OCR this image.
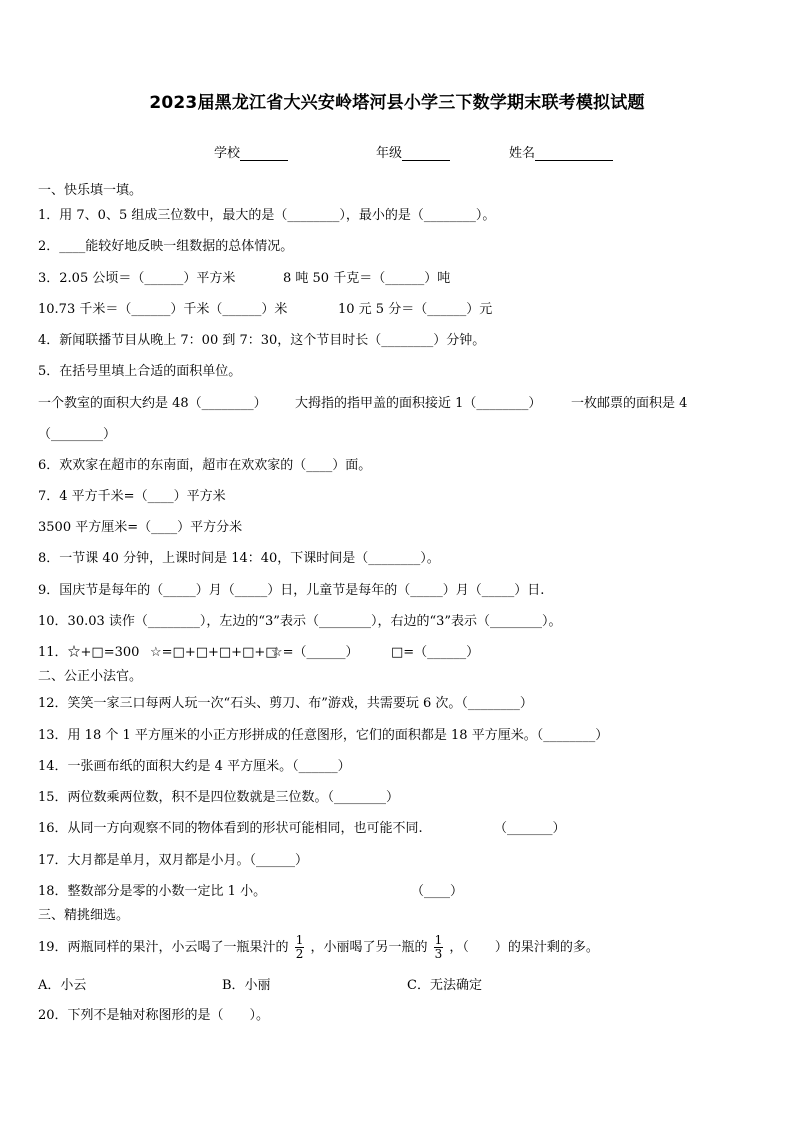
2023届黑龙江省大兴安岭塔河县小学三下数学期末联考模拟试题
学校	年级	姓名
一、快乐填一填。
1．用 7、0、5 组成三位数中，最大的是（________），最小的是（________）。
2．____能较好地反映一组数据的总体情况。
3．2.05 公顷＝（______）平方米	8 吨 50 千克＝（______）吨
10.73 千米＝（______）千米（______）米	10 元 5 分＝（______）元
4．新闻联播节目从晚上 7：00 到 7：30，这个节目时长（________）分钟。
5．在括号里填上合适的面积单位。
一个教室的面积大约是 48（________） 大拇指的指甲盖的面积接近 1（________） 一枚邮票的面积是 4
（________）
6．欢欢家在超市的东南面，超市在欢欢家的（____）面。
7．4 平方千米=（____）平方米
3500 平方厘米=（____）平方分米
8．一节课 40 分钟，上课时间是 14：40，下课时间是（________）。
9．国庆节是每年的（_____）月（_____）日，儿童节是每年的（_____）月（_____）日.
10．30.03 读作（________），左边的“3”表示（________），右边的“3”表示（________）。
11．☆+□=300 ☆=□+□+□+□+□
☆=（______） □=（______）
二、公正小法官。
12．笑笑一家三口每两人玩一次“石头、剪刀、布”游戏，共需要玩 6 次。（________）
13．用 18 个 1 平方厘米的小正方形拼成的任意图形，它们的面积都是 18 平方厘米。（________）
14．一张画布纸的面积大约是 4 平方厘米。（______）
15．两位数乘两位数，积不是四位数就是三位数。（________）
16．从同一方向观察不同的物体看到的形状可能相同，也可能不同.	（_______）
17．大月都是单月，双月都是小月。（______）
18．整数部分是零的小数一定比 1 小。	（____）
三、精挑细选。
19．两瓶同样的果汁，小云喝了一瓶果汁的 $\frac{1}{2}$ ，小丽喝了另一瓶的 $\frac{1}{3}$ ，（　　）的果汁剩的多。
A．小云	B．小丽	C．无法确定
20．下列不是轴对称图形的是（　　）。
